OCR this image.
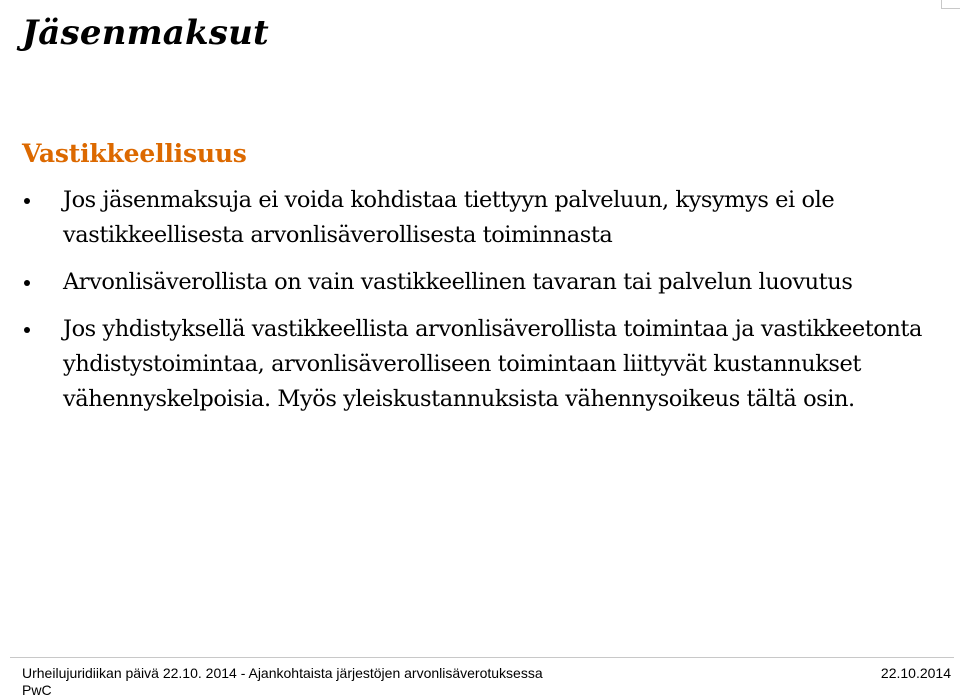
Jäsenmaksut
Vastikkeellisuus
Jos jäsenmaksuja ei voida kohdistaa tiettyyn palveluun, kysymys ei ole vastikkeellisesta arvonlisäverollisesta toiminnasta
Arvonlisäverollista on vain vastikkeellinen tavaran tai palvelun luovutus
Jos yhdistyksellä vastikkeellista arvonlisäverollista toimintaa ja vastikkeetonta yhdistystoimintaa, arvonlisäverolliseen toimintaan liittyvät kustannukset vähennyskelpoisia. Myös yleiskustannuksista vähennysoikeus tältä osin.
Urheilujuridiikan päivä 22.10. 2014 - Ajankohtaista järjestöjen arvonlisäverotuksessa	22.10.2014
PwC
